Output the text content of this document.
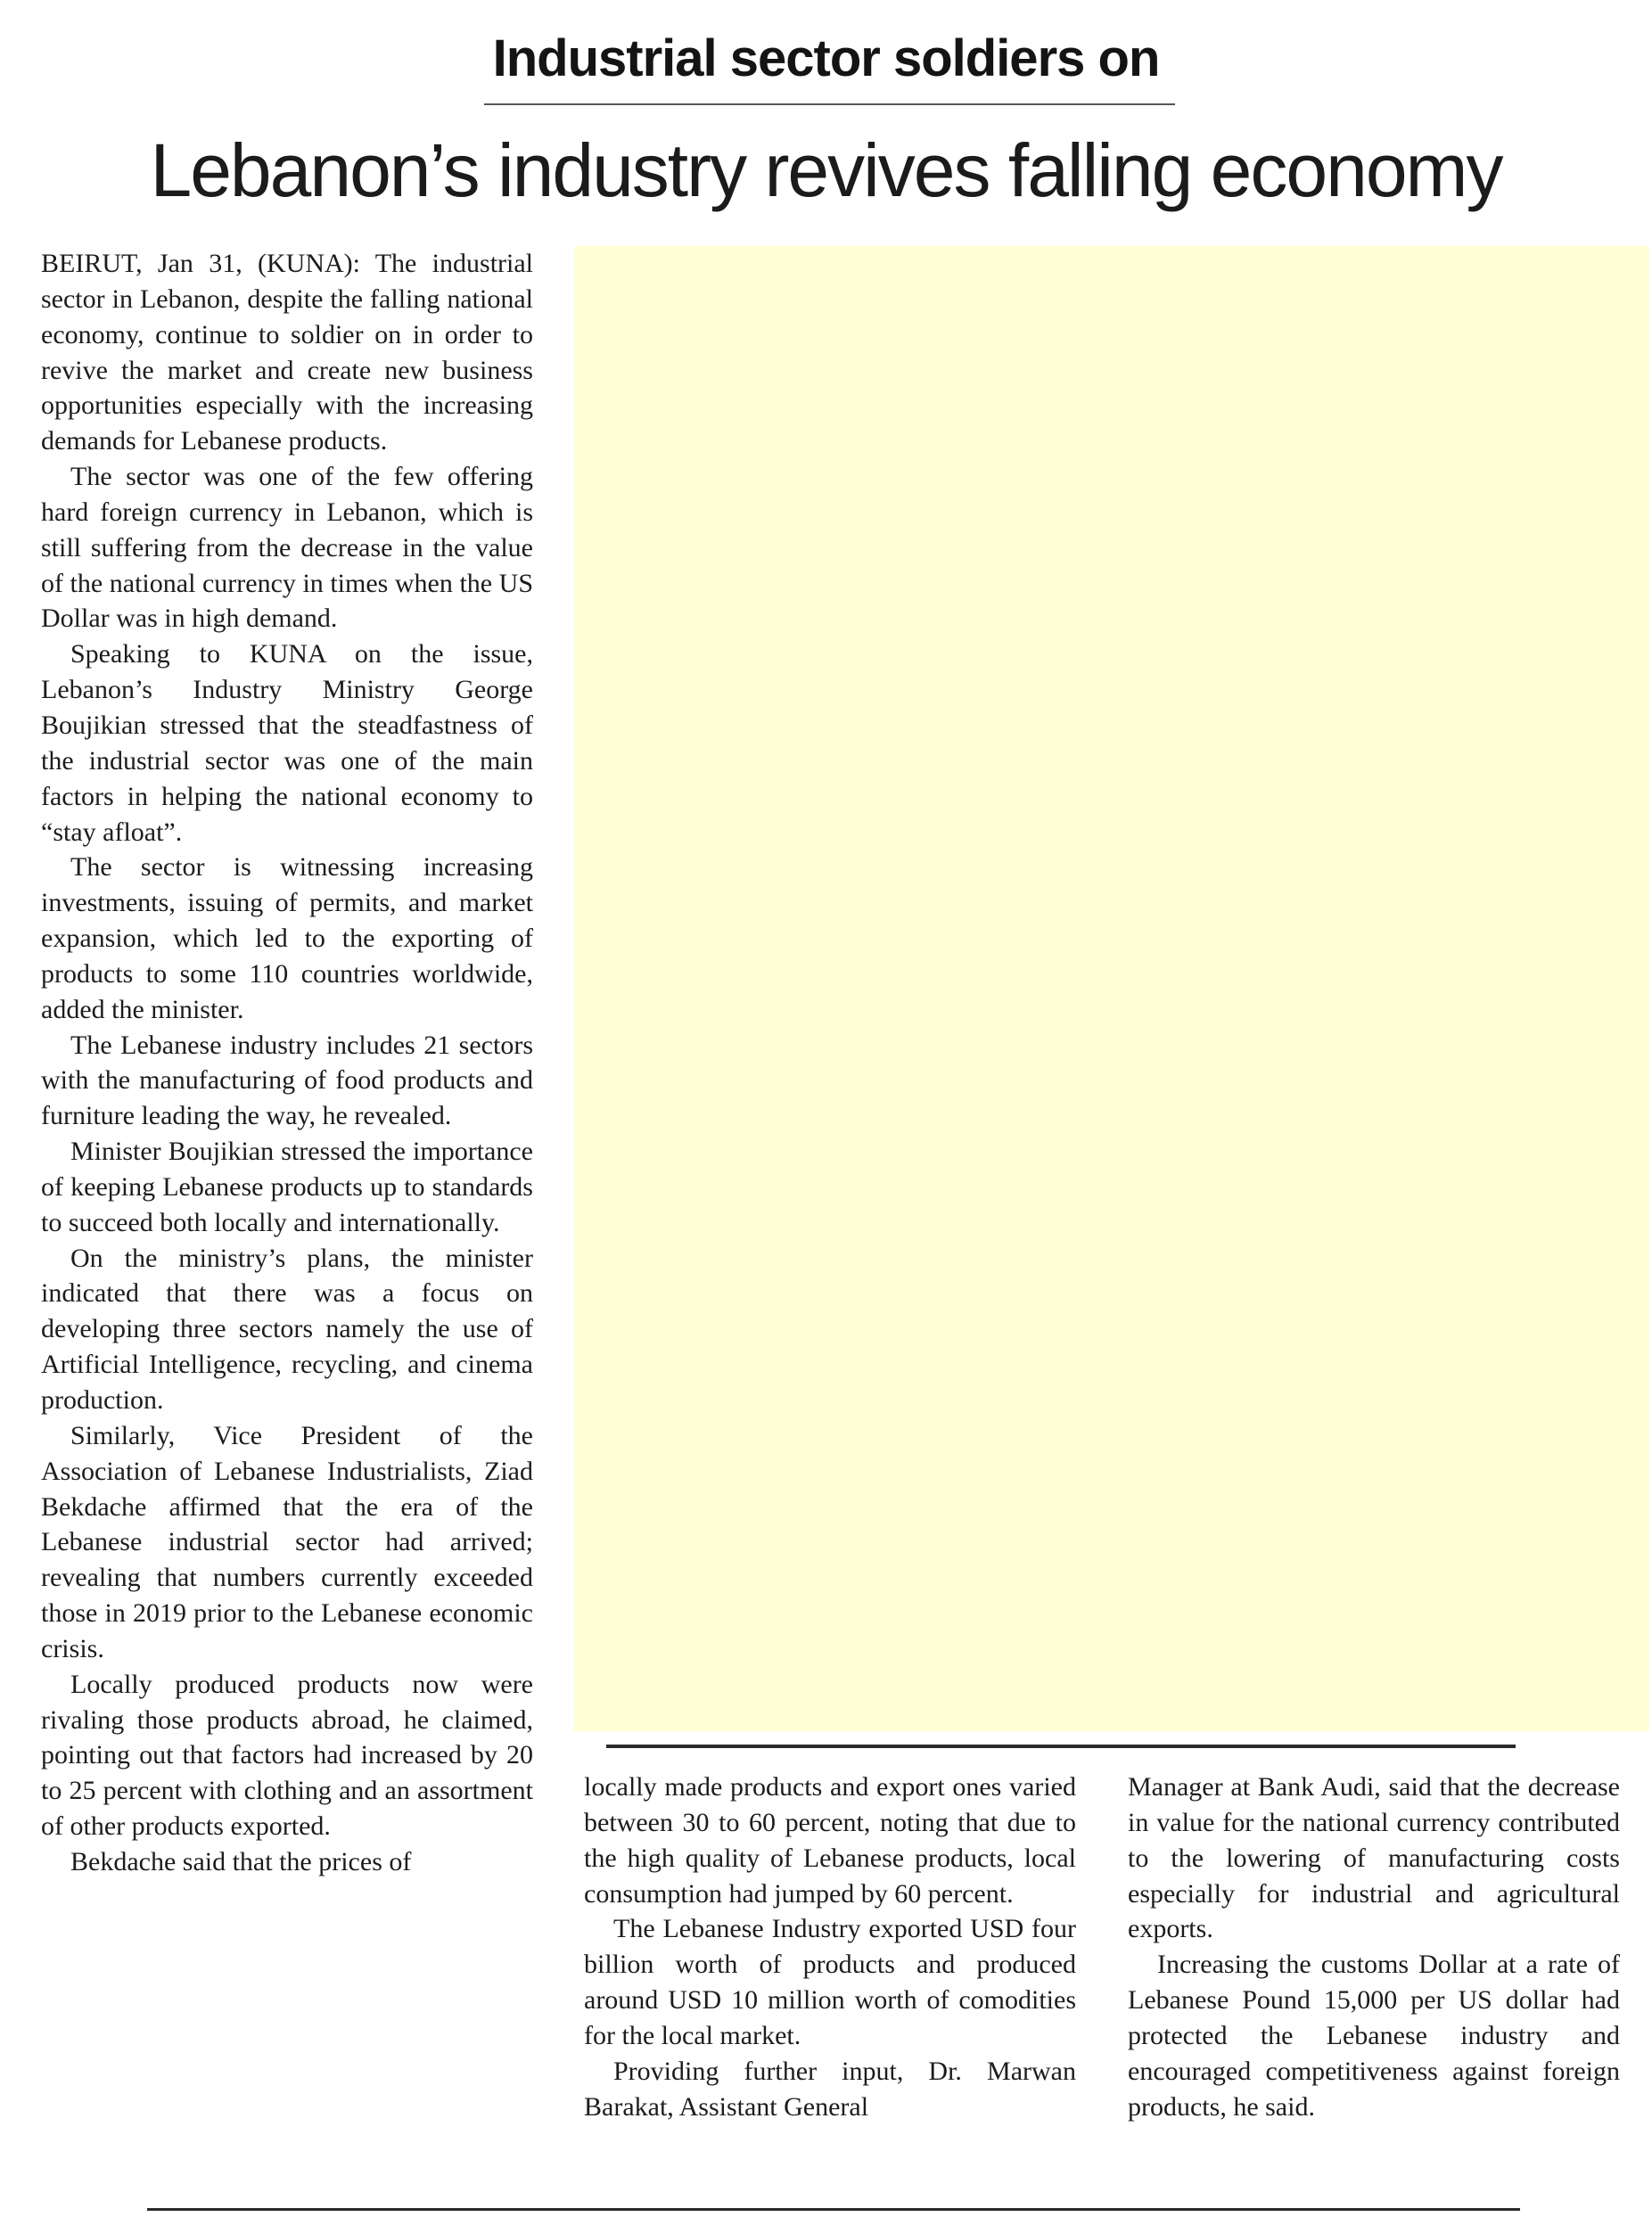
Industrial sector soldiers on
Lebanon’s industry revives falling economy

BEIRUT, Jan 31, (KUNA): The industrial sector in Lebanon, despite the falling national economy, continue to soldier on in order to revive the market and create new business opportunities especially with the increasing demands for Lebanese products.

The sector was one of the few offering hard foreign currency in Lebanon, which is still suffering from the decrease in the value of the national currency in times when the US Dollar was in high demand.

Speaking to KUNA on the issue, Lebanon’s Industry Ministry George Boujikian stressed that the steadfastness of the industrial sector was one of the main factors in helping the national economy to “stay afloat”.

The sector is witnessing increasing investments, issuing of permits, and market expansion, which led to the exporting of products to some 110 countries worldwide, added the minister.

The Lebanese industry includes 21 sectors with the manufacturing of food products and furniture leading the way, he revealed.

Minister Boujikian stressed the importance of keeping Lebanese products up to standards to succeed both locally and internationally.

On the ministry’s plans, the minister indicated that there was a focus on developing three sectors namely the use of Artificial Intelligence, recycling, and cinema production.

Similarly, Vice President of the Association of Lebanese Industrialists, Ziad Bekdache affirmed that the era of the Lebanese industrial sector had arrived; revealing that numbers currently exceeded those in 2019 prior to the Lebanese economic crisis.

Locally produced products now were rivaling those products abroad, he claimed, pointing out that factors had increased by 20 to 25 percent with clothing and an assortment of other products exported.

Bekdache said that the prices of

locally made products and export ones varied between 30 to 60 percent, noting that due to the high quality of Lebanese products, local consumption had jumped by 60 percent.

The Lebanese Industry exported USD four billion worth of products and produced around USD 10 million worth of comodities for the local market.

Providing further input, Dr. Marwan Barakat, Assistant General

Manager at Bank Audi, said that the decrease in value for the national currency contributed to the lowering of manufacturing costs especially for industrial and agricultural exports.

Increasing the customs Dollar at a rate of Lebanese Pound 15,000 per US dollar had protected the Lebanese industry and encouraged competitiveness against foreign products, he said.
